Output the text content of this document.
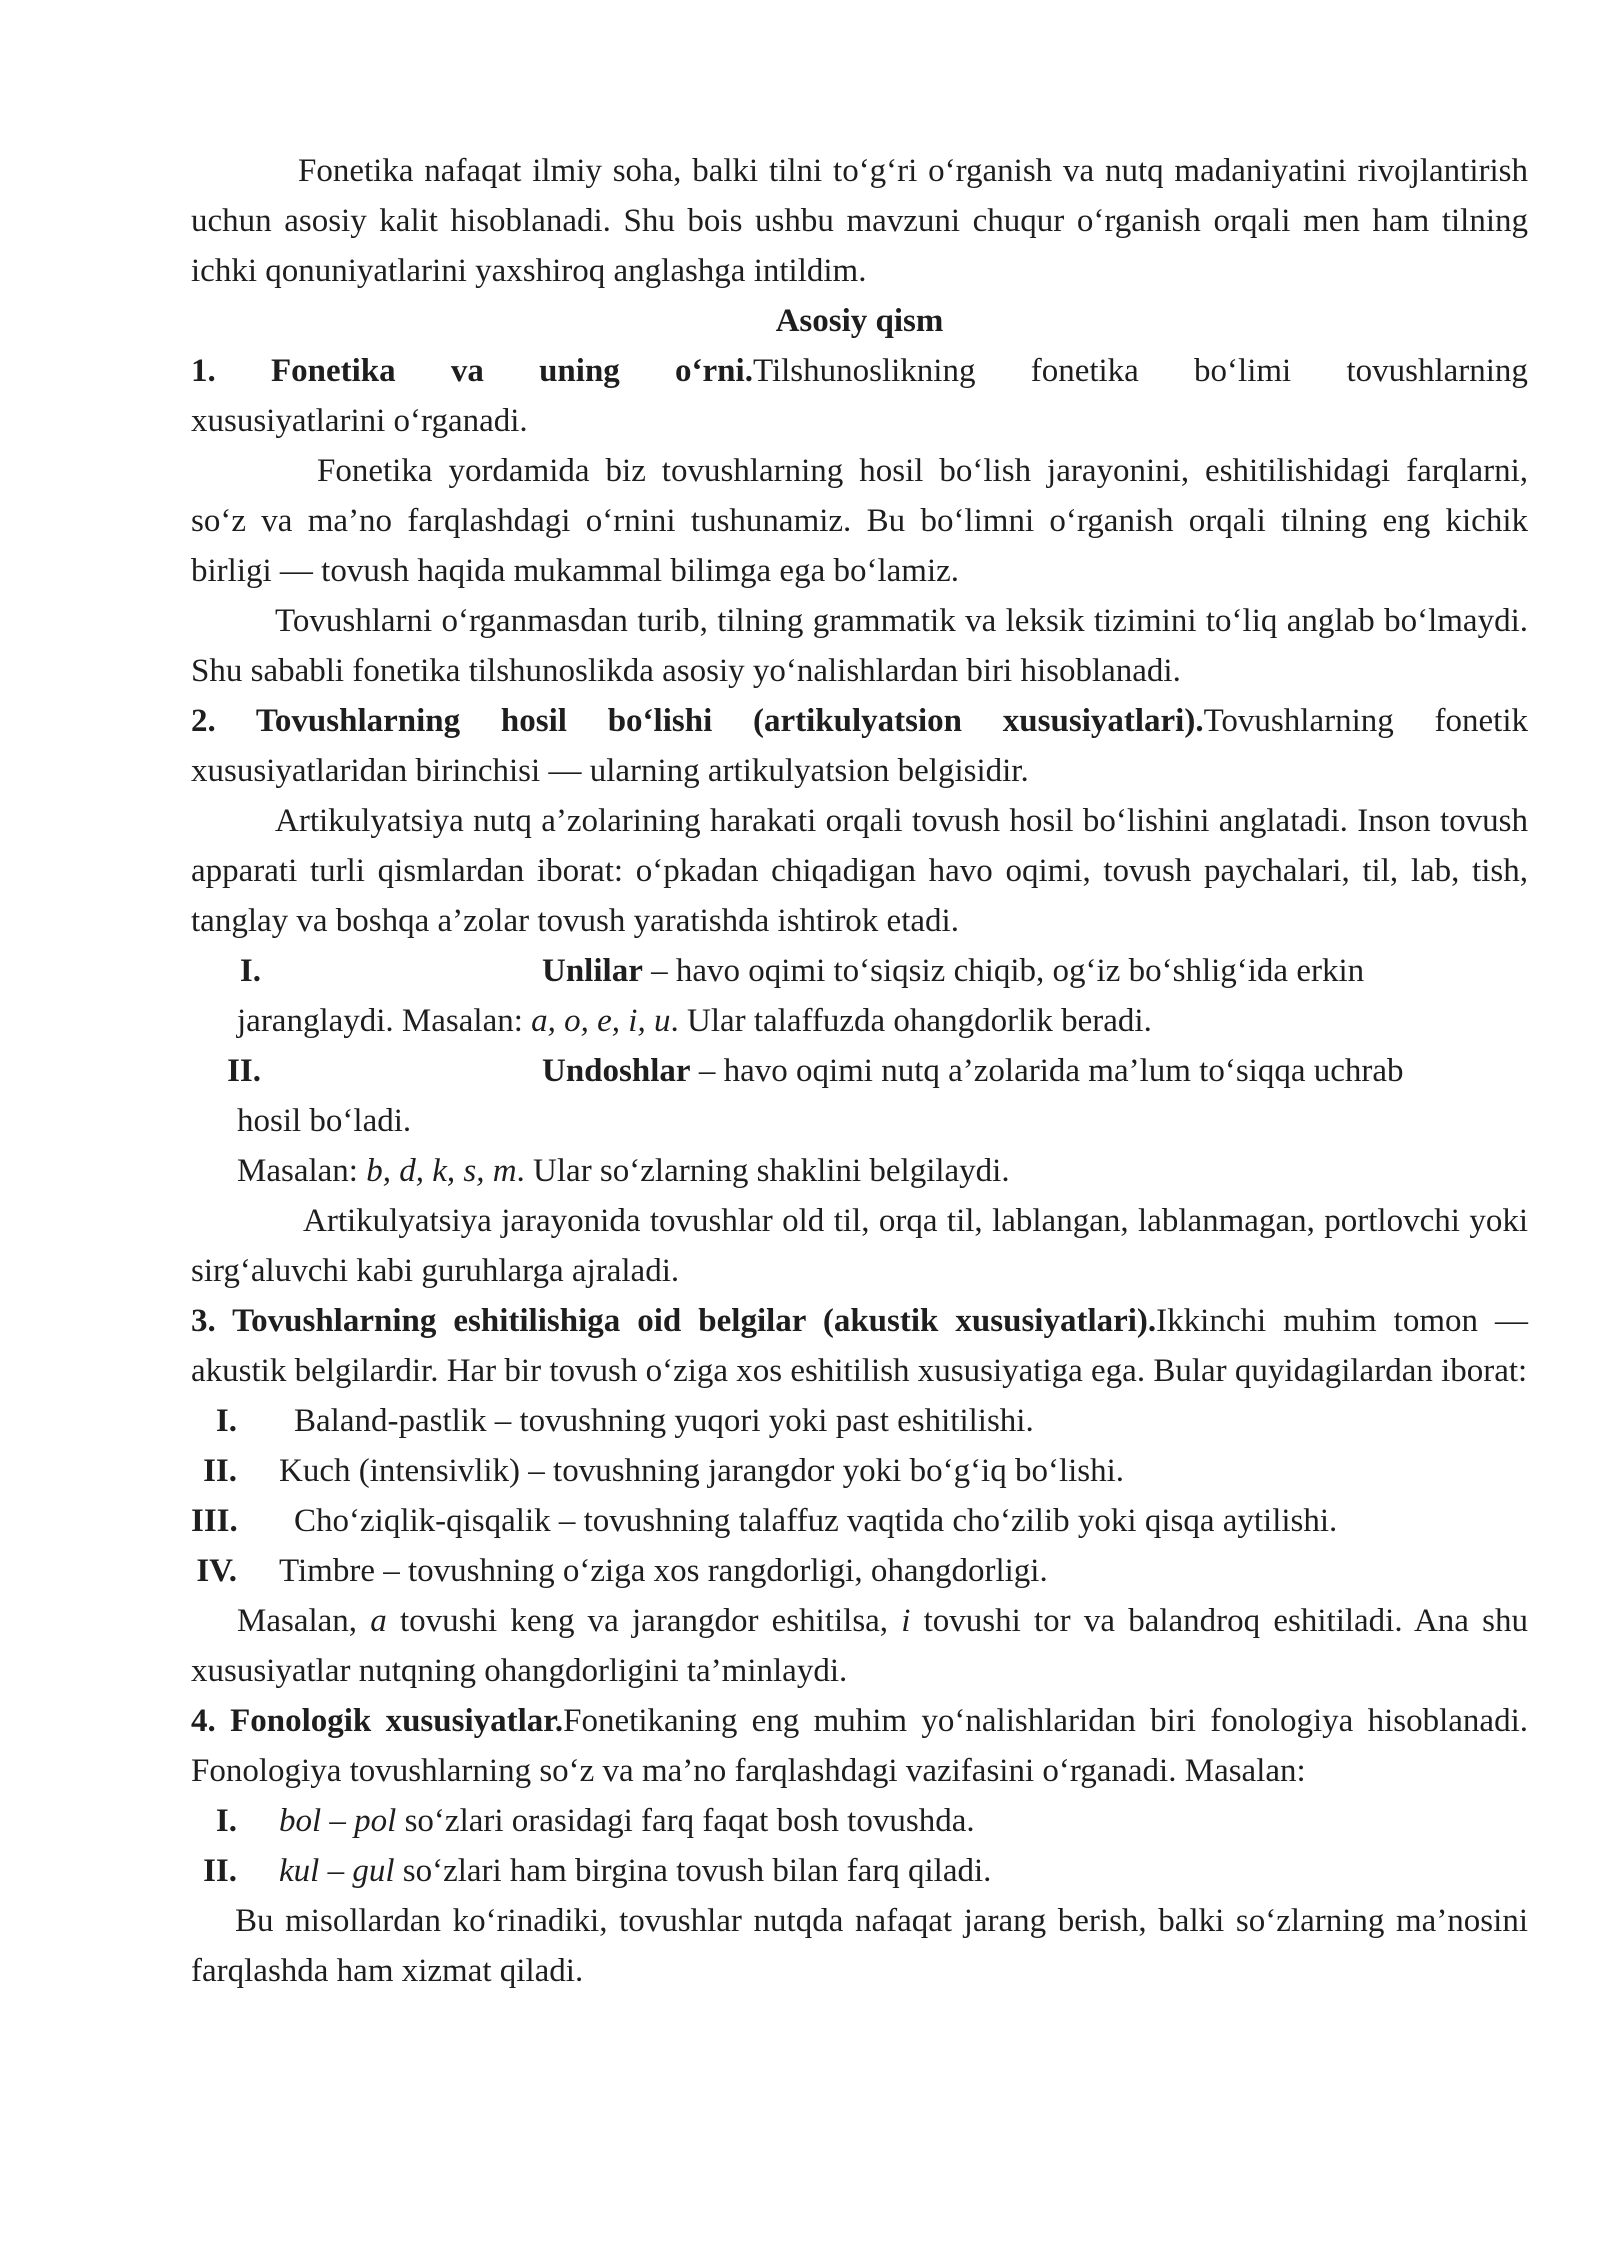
Fonetika nafaqat ilmiy soha, balki tilni to‘g‘ri o‘rganish va nutq madaniyatini rivojlantirish uchun asosiy kalit hisoblanadi. Shu bois ushbu mavzuni chuqur o‘rganish orqali men ham tilning ichki qonuniyatlarini yaxshiroq anglashga intildim.

Asosiy qism

1. Fonetika va uning o‘rni.Tilshunoslikning fonetika bo‘limi tovushlarning

xususiyatlarini o‘rganadi.

Fonetika yordamida biz tovushlarning hosil bo‘lish jarayonini, eshitilishidagi farqlarni, so‘z va ma’no farqlashdagi o‘rnini tushunamiz. Bu bo‘limni o‘rganish orqali tilning eng kichik birligi — tovush haqida mukammal bilimga ega bo‘lamiz.

Tovushlarni o‘rganmasdan turib, tilning grammatik va leksik tizimini to‘liq anglab bo‘lmaydi. Shu sababli fonetika tilshunoslikda asosiy yo‘nalishlardan biri hisoblanadi.

2. Tovushlarning hosil bo‘lishi (artikulyatsion xususiyatlari).Tovushlarning fonetik xususiyatlaridan birinchisi — ularning artikulyatsion belgisidir.

Artikulyatsiya nutq a’zolarining harakati orqali tovush hosil bo‘lishini anglatadi. Inson tovush apparati turli qismlardan iborat: o‘pkadan chiqadigan havo oqimi, tovush paychalari, til, lab, tish, tanglay va boshqa a’zolar tovush yaratishda ishtirok etadi.

I.	Unlilar – havo oqimi to‘siqsiz chiqib, og‘iz bo‘shlig‘ida erkin

jaranglaydi. Masalan: a, o, e, i, u. Ular talaffuzda ohangdorlik beradi.

II.	Undoshlar – havo oqimi nutq a’zolarida ma’lum to‘siqqa uchrab

hosil bo‘ladi.

Masalan: b, d, k, s, m. Ular so‘zlarning shaklini belgilaydi.

Artikulyatsiya jarayonida tovushlar old til, orqa til, lablangan, lablanmagan, portlovchi yoki sirg‘aluvchi kabi guruhlarga ajraladi.

3. Tovushlarning eshitilishiga oid belgilar (akustik xususiyatlari).Ikkinchi muhim tomon — akustik belgilardir. Har bir tovush o‘ziga xos eshitilish xususiyatiga ega. Bular quyidagilardan iborat:

I.	Baland-pastlik – tovushning yuqori yoki past eshitilishi.
II.	Kuch (intensivlik) – tovushning jarangdor yoki bo‘g‘iq bo‘lishi.
III.	Cho‘ziqlik-qisqalik – tovushning talaffuz vaqtida cho‘zilib yoki qisqa aytilishi.
IV.	Timbre – tovushning o‘ziga xos rangdorligi, ohangdorligi.

Masalan, a tovushi keng va jarangdor eshitilsa, i tovushi tor va balandroq eshitiladi. Ana shu xususiyatlar nutqning ohangdorligini ta’minlaydi.

4. Fonologik xususiyatlar.Fonetikaning eng muhim yo‘nalishlaridan biri fonologiya hisoblanadi. Fonologiya tovushlarning so‘z va ma’no farqlashdagi vazifasini o‘rganadi. Masalan:

I.	bol – pol so‘zlari orasidagi farq faqat bosh tovushda.
II.	kul – gul so‘zlari ham birgina tovush bilan farq qiladi.

Bu misollardan ko‘rinadiki, tovushlar nutqda nafaqat jarang berish, balki so‘zlarning ma’nosini farqlashda ham xizmat qiladi.
